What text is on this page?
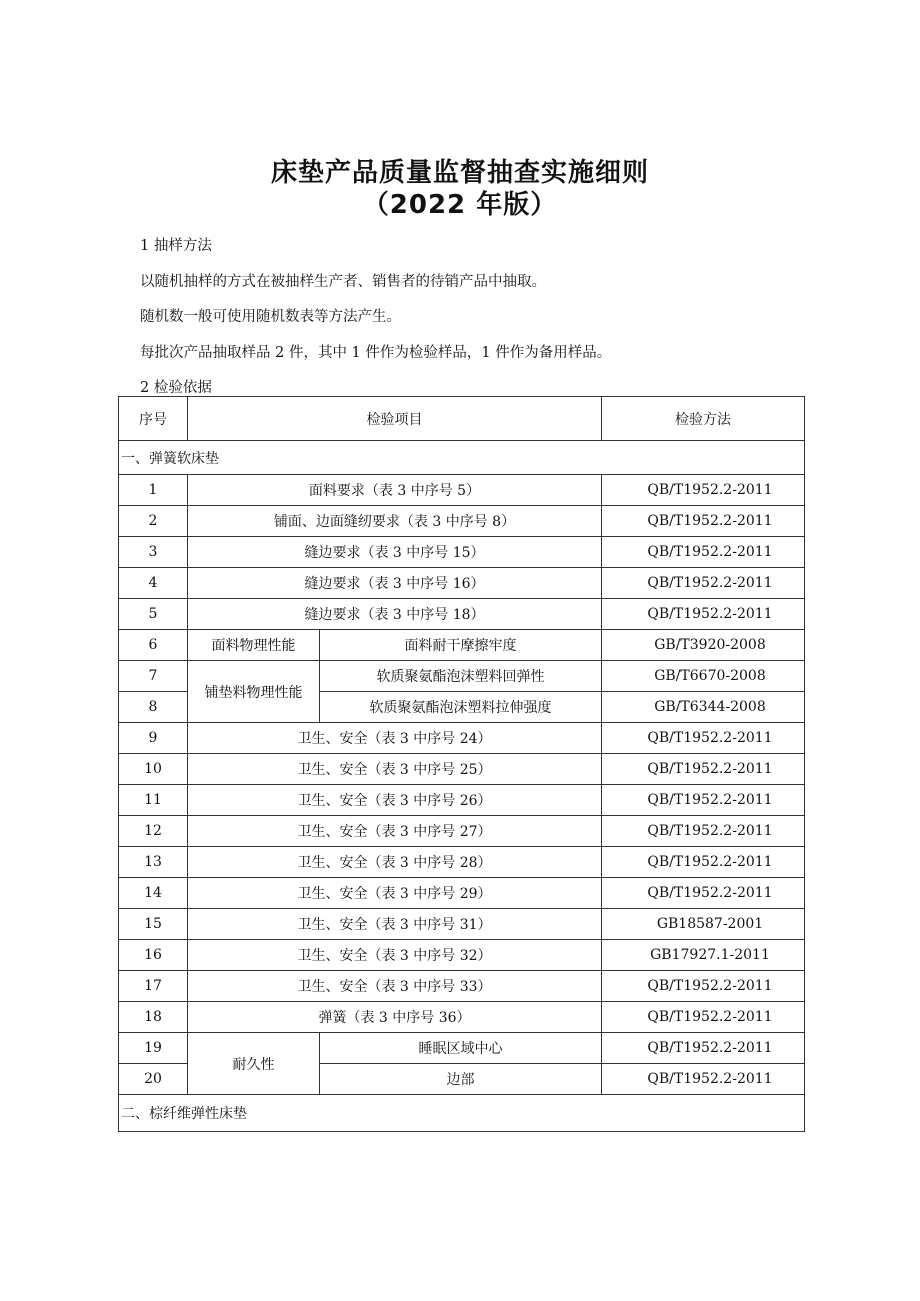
床垫产品质量监督抽查实施细则
（2022 年版）
1 抽样方法
以随机抽样的方式在被抽样生产者、销售者的待销产品中抽取。
随机数一般可使用随机数表等方法产生。
每批次产品抽取样品 2 件，其中 1 件作为检验样品，1 件作为备用样品。
2 检验依据
序号	检验项目		检验方法
一、弹簧软床垫			
1	面料要求（表 3 中序号 5）		QB/T1952.2-2011
2	铺面、边面缝纫要求（表 3 中序号 8）		QB/T1952.2-2011
3	缝边要求（表 3 中序号 15）		QB/T1952.2-2011
4	缝边要求（表 3 中序号 16）		QB/T1952.2-2011
5	缝边要求（表 3 中序号 18）		QB/T1952.2-2011
6	面料物理性能	面料耐干摩擦牢度	GB/T3920-2008
7	铺垫料物理性能	软质聚氨酯泡沫塑料回弹性	GB/T6670-2008
8		软质聚氨酯泡沫塑料拉伸强度	GB/T6344-2008
9	卫生、安全（表 3 中序号 24）		QB/T1952.2-2011
10	卫生、安全（表 3 中序号 25）		QB/T1952.2-2011
11	卫生、安全（表 3 中序号 26）		QB/T1952.2-2011
12	卫生、安全（表 3 中序号 27）		QB/T1952.2-2011
13	卫生、安全（表 3 中序号 28）		QB/T1952.2-2011
14	卫生、安全（表 3 中序号 29）		QB/T1952.2-2011
15	卫生、安全（表 3 中序号 31）		GB18587-2001
16	卫生、安全（表 3 中序号 32）		GB17927.1-2011
17	卫生、安全（表 3 中序号 33）		QB/T1952.2-2011
18	弹簧（表 3 中序号 36）		QB/T1952.2-2011
19	耐久性	睡眠区域中心	QB/T1952.2-2011
20		边部	QB/T1952.2-2011
二、棕纤维弹性床垫			
